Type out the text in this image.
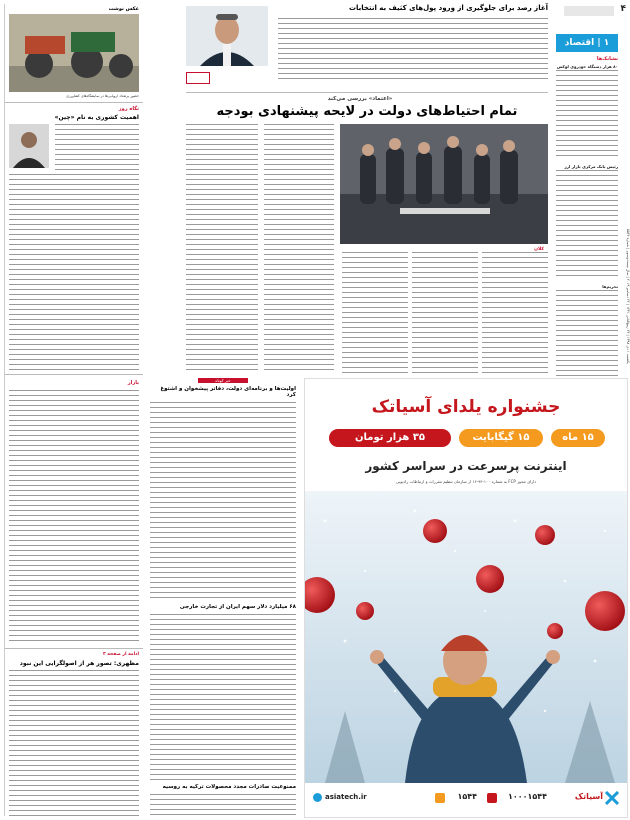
۴
یکشنبه ۱ دی ۱۳۹۸ | ۲۳ ربیع‌الثانی ۱۴۴۱ | ۲۲ دسامبر ۲۰۱۹ | سال بیست‌وسوم | شماره ۵۵۳۶
۱ | اقتصاد
نشانک‌ها
۸۰ هزار دستگاه خودروی لوکس
رئیس بانک مرکزی بازار ارز
تحریم‌ها
آغاز رصد برای جلوگیری از ورود پول‌های کثیف به انتخابات
«اعتماد» بررسی می‌کند
تمام احتیاط‌های دولت در لایحه پیشنهادی بودجه
کلان
عکس نوشت
حضور پرتعداد اروپایی‌ها در نمایشگاه‌های کشاورزی
نگاه روز
اهمیت کشوری به نام «چین»
بازار
ادامه از صفحه ۳
مظهری: تصور هر از اصولگرایی این نبود
خبر کوتاه
اولیت‌ها و برنامه‌ای دولت، دفاتر پیشخوان و اشتوغ کرد
۶۸ میلیارد دلار سهم ایران از تجارت خارجی
ممنوعیت صادرات مجدد محصولات ترکیه به روسیه
جشنواره یلدای آسیاتک
۱۵ ماه
۱۵ گیگابایت
۳۵ هزار تومان
اینترنت پرسرعت در سراسر کشور
دارای مجوز FCP به شماره ۱۰۰-۹۴-۱۶ از سازمان تنظیم مقررات و ارتباطات رادیویی
آسیاتک
۱۰۰۰۱۵۴۴
۱۵۴۴
asiatech.ir
